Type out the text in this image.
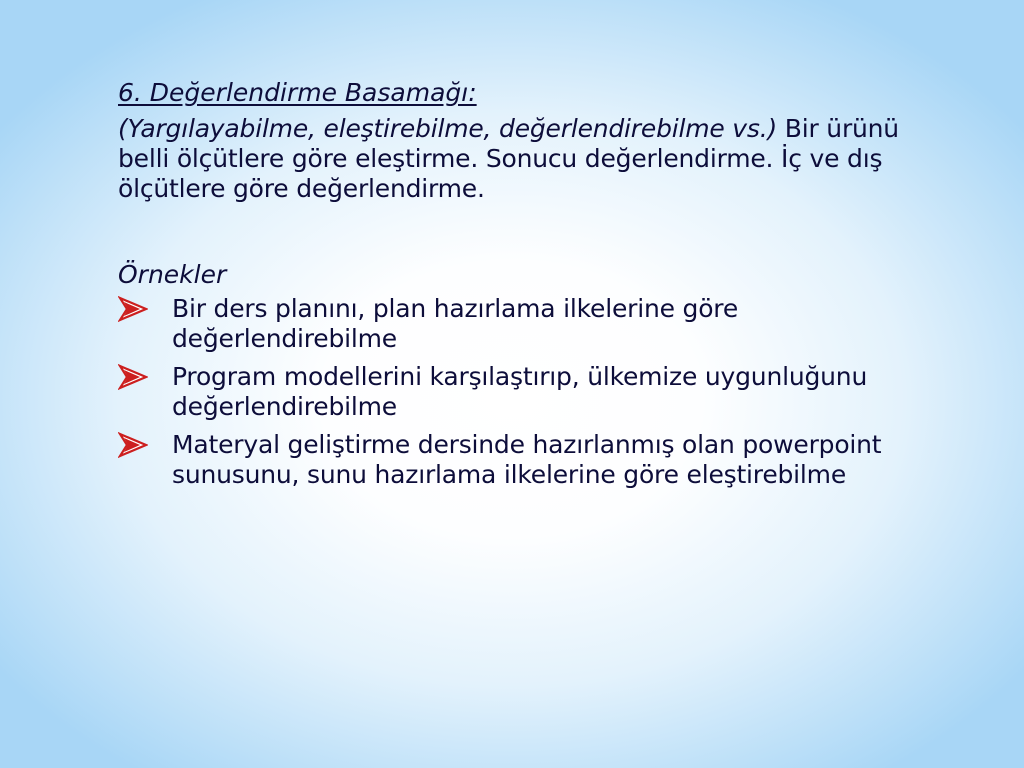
6. Değerlendirme Basamağı:

(Yargılayabilme, eleştirebilme, değerlendirebilme vs.) Bir ürünü belli ölçütlere göre eleştirme. Sonucu değerlendirme. İç ve dış ölçütlere göre değerlendirme.

Örnekler
Bir ders planını, plan hazırlama ilkelerine göre değerlendirebilme
Program modellerini karşılaştırıp, ülkemize uygunluğunu değerlendirebilme
Materyal geliştirme dersinde hazırlanmış olan powerpoint sunusunu, sunu hazırlama ilkelerine göre eleştirebilme
